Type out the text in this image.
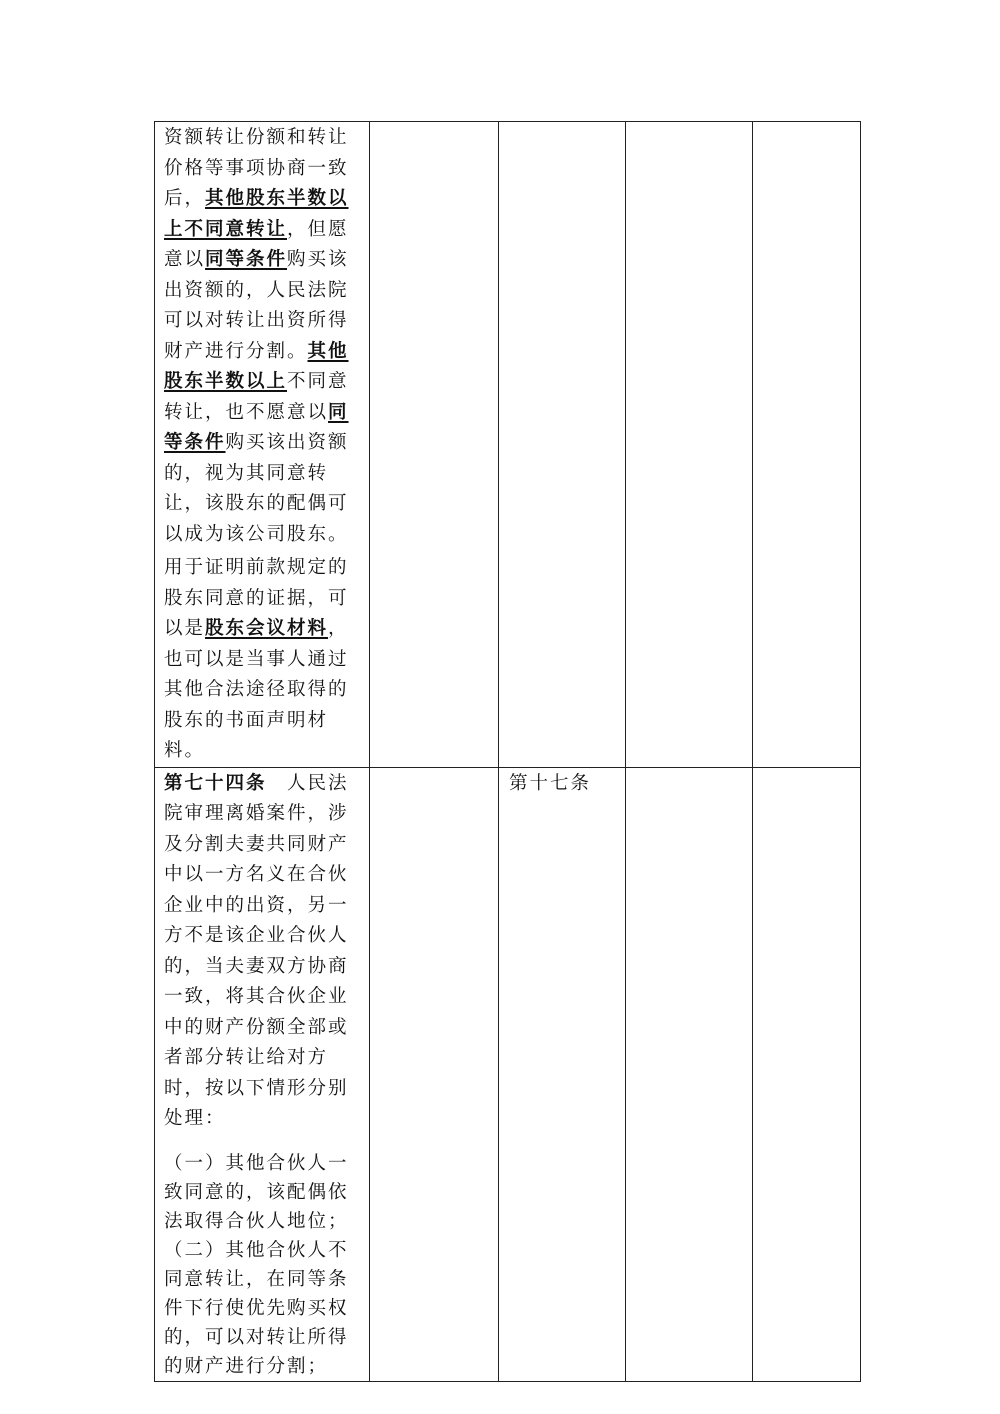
资额转让份额和转让价格等事项协商一致后，其他股东半数以上不同意转让，但愿意以同等条件购买该出资额的，人民法院可以对转让出资所得财产进行分割。其他股东半数以上不同意转让，也不愿意以同等条件购买该出资额的，视为其同意转让，该股东的配偶可以成为该公司股东。

用于证明前款规定的股东同意的证据，可以是股东会议材料，也可以是当事人通过其他合法途径取得的股东的书面声明材料。				

第七十四条  人民法院审理离婚案件，涉及分割夫妻共同财产中以一方名义在合伙企业中的出资，另一方不是该企业合伙人的，当夫妻双方协商一致，将其合伙企业中的财产份额全部或者部分转让给对方时，按以下情形分别处理：

（一）其他合伙人一致同意的，该配偶依法取得合伙人地位；
（二）其他合伙人不同意转让，在同等条件下行使优先购买权的，可以对转让所得的财产进行分割；		第十七条		
